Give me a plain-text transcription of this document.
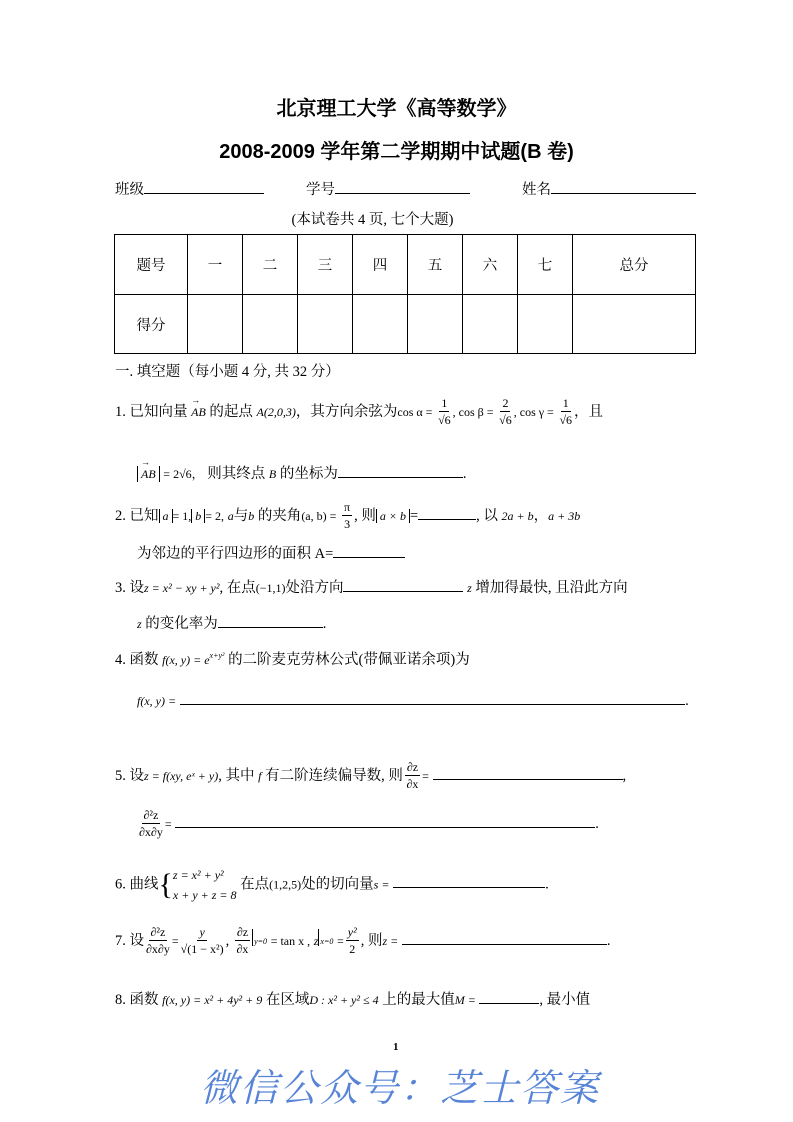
北京理工大学《高等数学》
2008-2009 学年第二学期期中试题(B 卷)
班级	学号	姓名
(本试卷共 4 页, 七个大题)
题号	一	二	三	四	五	六	七	总分
得分								
一. 填空题（每小题 4 分, 共 32 分）
1. 已知向量 → AB 的起点 A(2,0,3)，其方向余弦为$\cos \alpha = \frac{1}{√6}$ , $\cos \beta = \frac{2}{√6}$ , $\cos \gamma = \frac{1}{√6}$ ，且
→ AB = 2√6， 则其终点 B 的坐标为	.
2. 已知 a = 1, b = 2, a与b 的夹角(a, $b) = \frac{\pi}{3}$ , 则 a × b =	, 以 2a + b，a + 3b
为邻边的平行四边形的面积 A=
3. 设z = x² − xy + y², 在点(−1,1)处沿方向	z 增加得最快, 且沿此方向
z 的变化率为	.
4. 函数 f(x, $y) = e^{x+y^2}$ 的二阶麦克劳林公式(带佩亚诺余项)为
f(x, y) =	.
5. 设z = f(xy, eˣ + y), 其中 f 有二阶连续偏导数, 则 $\frac{\partial z}{\partial x}$ =	,
$\frac{\text{∂²z}}{\partial x\partial y}$ =	.
6. 曲线{ z = x² + y²
x + y + z = 8
在点(1,2,5)处的切向量s =	.
7. 设 $\frac{\text{∂²z}}{\partial x\partial y} = \frac{y}{\text{√(1 − x²)}}$ , $\frac{\partial z}{\partial x} y=0 = \tan x$ , z $x=0 = \frac{\text{y²}}{2}$ , 则z =	.
8. 函数 f(x, y) = x² + 4y² + 9 在区域D : x² + y² ≤ 4 上的最大值M =	, 最小值
1
微信公众号：芝士答案
